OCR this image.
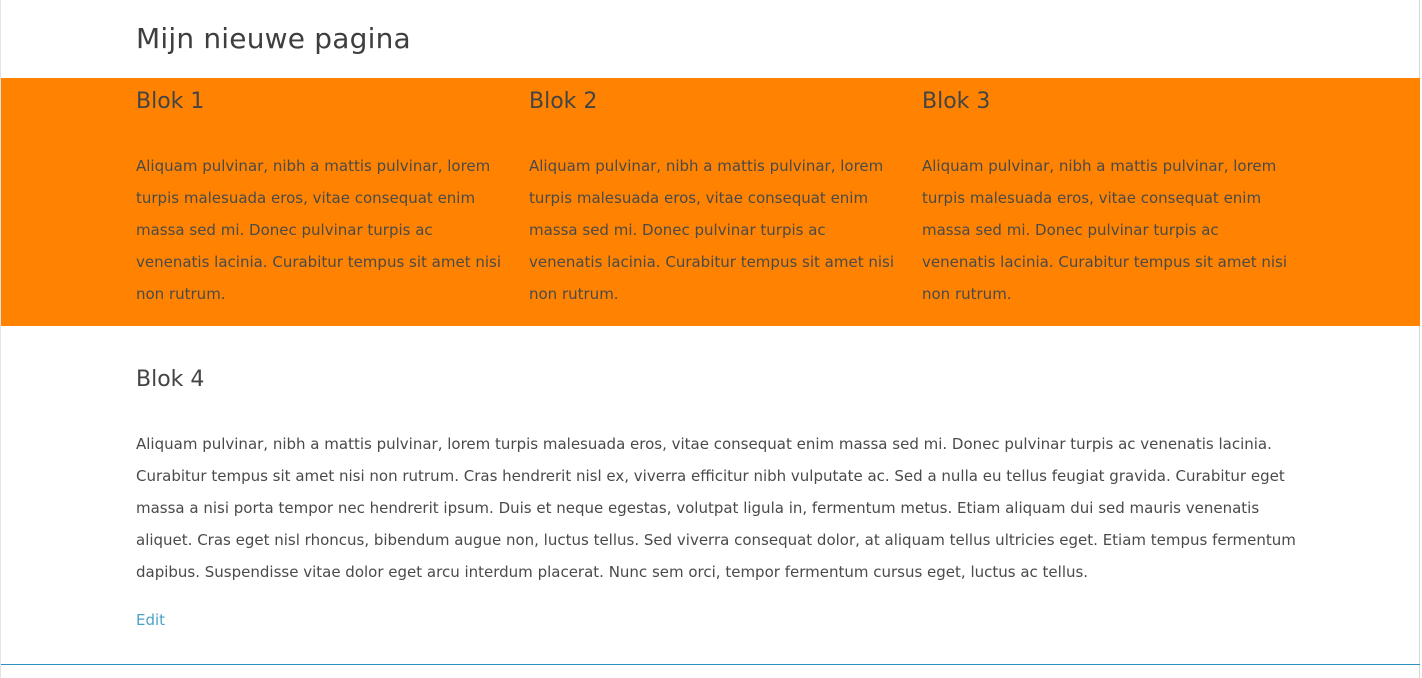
Mijn nieuwe pagina
Blok 1

Aliquam pulvinar, nibh a mattis pulvinar, lorem turpis malesuada eros, vitae consequat enim massa sed mi. Donec pulvinar turpis ac venenatis lacinia. Curabitur tempus sit amet nisi non rutrum.

Blok 2

Aliquam pulvinar, nibh a mattis pulvinar, lorem turpis malesuada eros, vitae consequat enim massa sed mi. Donec pulvinar turpis ac venenatis lacinia. Curabitur tempus sit amet nisi non rutrum.

Blok 3

Aliquam pulvinar, nibh a mattis pulvinar, lorem turpis malesuada eros, vitae consequat enim massa sed mi. Donec pulvinar turpis ac venenatis lacinia. Curabitur tempus sit amet nisi non rutrum.

Blok 4

Aliquam pulvinar, nibh a mattis pulvinar, lorem turpis malesuada eros, vitae consequat enim massa sed mi. Donec pulvinar turpis ac venenatis lacinia. Curabitur tempus sit amet nisi non rutrum. Cras hendrerit nisl ex, viverra efficitur nibh vulputate ac. Sed a nulla eu tellus feugiat gravida. Curabitur eget massa a nisi porta tempor nec hendrerit ipsum. Duis et neque egestas, volutpat ligula in, fermentum metus. Etiam aliquam dui sed mauris venenatis aliquet. Cras eget nisl rhoncus, bibendum augue non, luctus tellus. Sed viverra consequat dolor, at aliquam tellus ultricies eget. Etiam tempus fermentum dapibus. Suspendisse vitae dolor eget arcu interdum placerat. Nunc sem orci, tempor fermentum cursus eget, luctus ac tellus.

Edit
